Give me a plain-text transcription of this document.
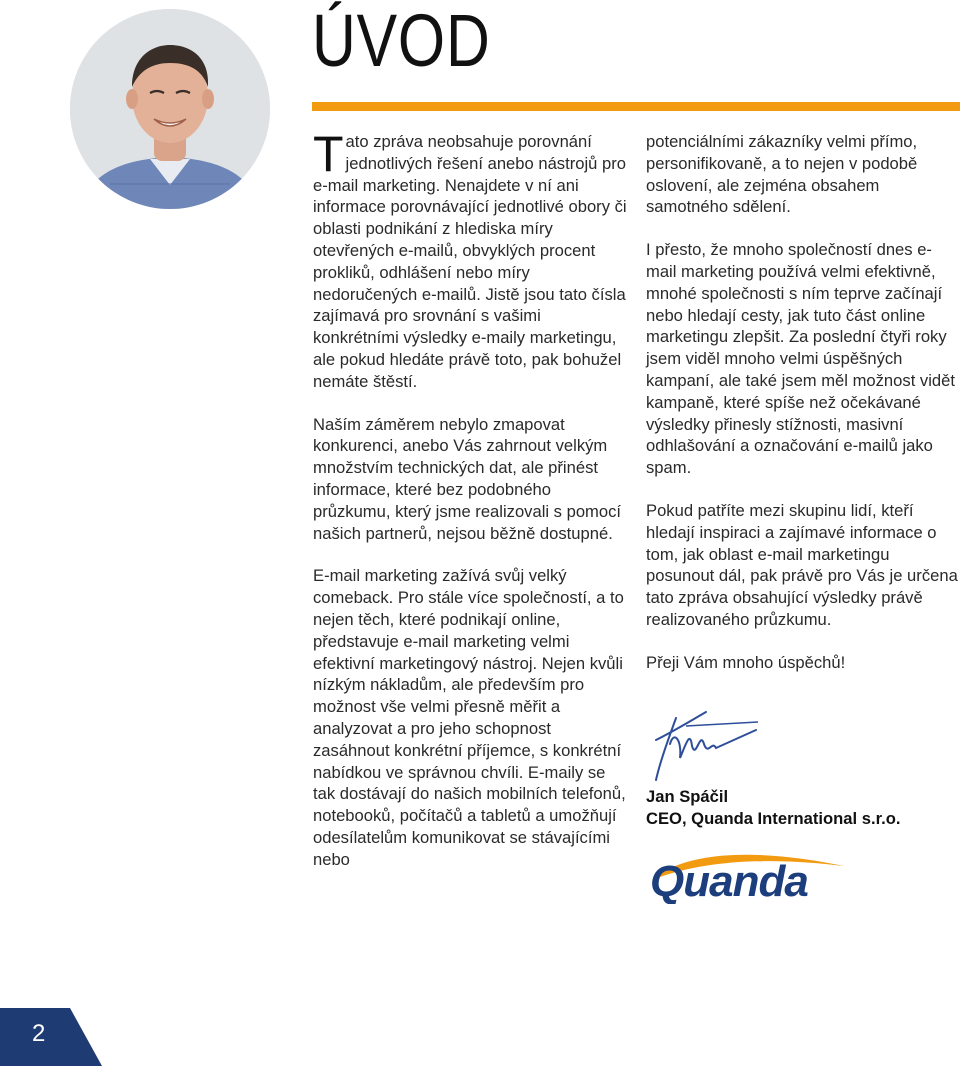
ÚVOD

Tato zpráva neobsahuje porovnání jednotlivých řešení anebo nástrojů pro e-mail marketing. Nenajdete v ní ani informace porovnávající jednotlivé obory či oblasti podnikání z hlediska míry otevřených e-mailů, obvyklých procent prokliků, odhlášení nebo míry nedoručených e-mailů. Jistě jsou tato čísla zajímavá pro srovnání s vašimi konkrétními výsledky e-maily marketingu, ale pokud hledáte právě toto, pak bohužel nemáte štěstí.

Naším záměrem nebylo zmapovat konkurenci, anebo Vás zahrnout velkým množstvím technických dat, ale přinést informace, které bez podobného průzkumu, který jsme realizovali s pomocí našich partnerů, nejsou běžně dostupné.

E-mail marketing zažívá svůj velký comeback. Pro stále více společností, a to nejen těch, které podnikají online, představuje e-mail marketing velmi efektivní marketingový nástroj. Nejen kvůli nízkým nákladům, ale především pro možnost vše velmi přesně měřit a analyzovat a pro jeho schopnost zasáhnout konkrétní příjemce, s konkrétní nabídkou ve správnou chvíli. E-maily se tak dostávají do našich mobilních telefonů, notebooků, počítačů a tabletů a umožňují odesílatelům komunikovat se stávajícími nebo

potenciálními zákazníky velmi přímo, personifikovaně, a to nejen v podobě oslovení, ale zejména obsahem samotného sdělení.

I přesto, že mnoho společností dnes e-mail marketing používá velmi efektivně, mnohé společnosti s ním teprve začínají nebo hledají cesty, jak tuto část online marketingu zlepšit. Za poslední čtyři roky jsem viděl mnoho velmi úspěšných kampaní, ale také jsem měl možnost vidět kampaně, které spíše než očekávané výsledky přinesly stížnosti, masivní odhlašování a označování e-mailů jako spam.

Pokud patříte mezi skupinu lidí, kteří hledají inspiraci a zajímavé informace o tom, jak oblast e-mail marketingu posunout dál, pak právě pro Vás je určena tato zpráva obsahující výsledky právě realizovaného průzkumu.

Přeji Vám mnoho úspěchů!

Jan Spáčil
CEO, Quanda International s.r.o.
Quanda
2
